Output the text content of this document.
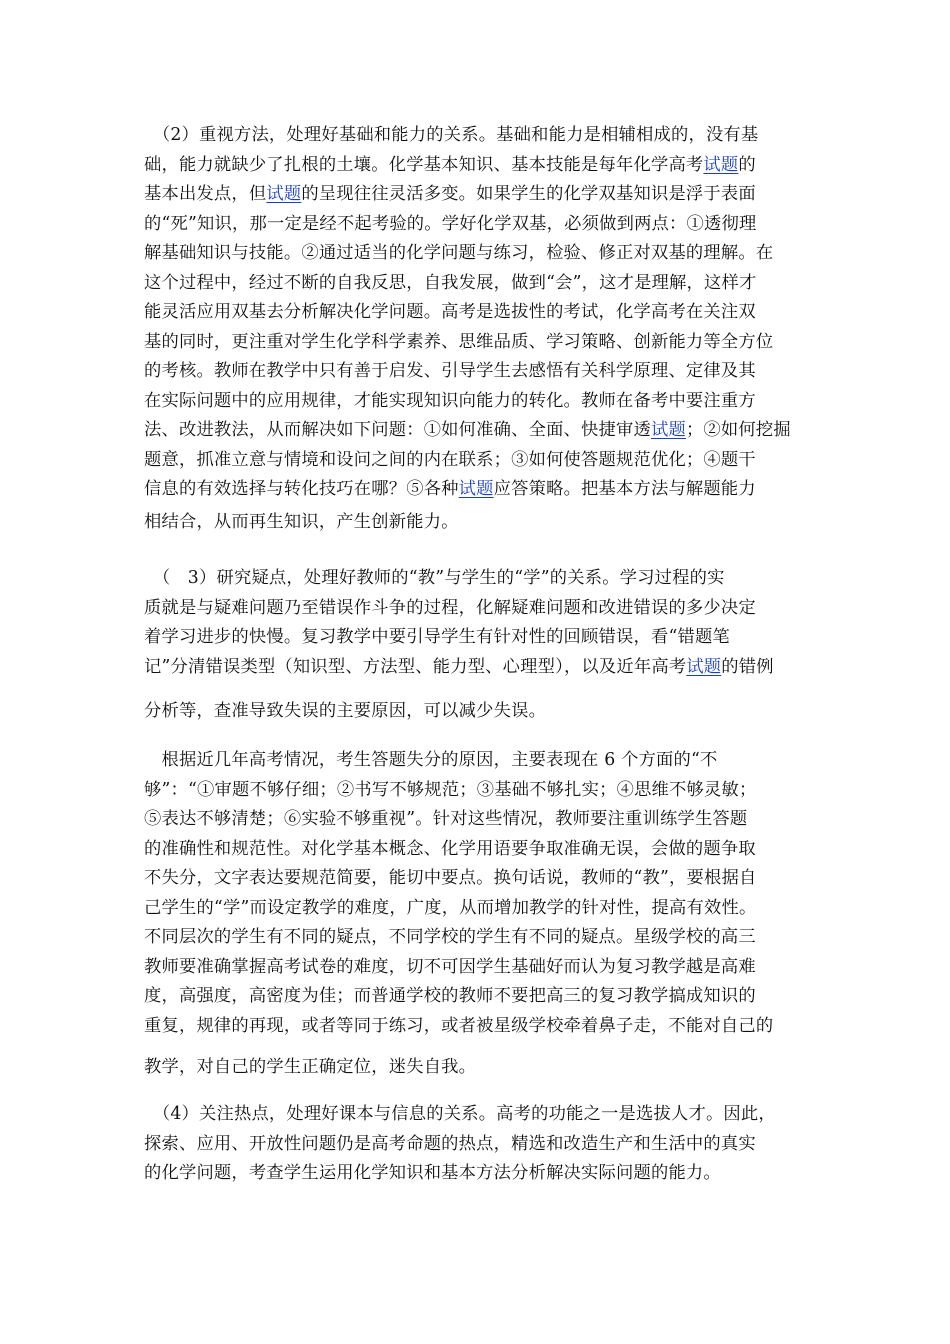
　（2）重视方法，处理好基础和能力的关系。基础和能力是相辅相成的，没有基
础，能力就缺少了扎根的土壤。化学基本知识、基本技能是每年化学高考试题的
基本出发点，但试题的呈现往往灵活多变。如果学生的化学双基知识是浮于表面
的“死”知识，那一定是经不起考验的。学好化学双基，必须做到两点：①透彻理
解基础知识与技能。②通过适当的化学问题与练习，检验、修正对双基的理解。在
这个过程中，经过不断的自我反思，自我发展，做到“会”，这才是理解，这样才
能灵活应用双基去分析解决化学问题。高考是选拔性的考试，化学高考在关注双
基的同时，更注重对学生化学科学素养、思维品质、学习策略、创新能力等全方位
的考核。教师在教学中只有善于启发、引导学生去感悟有关科学原理、定律及其
在实际问题中的应用规律，才能实现知识向能力的转化。教师在备考中要注重方
法、改进教法，从而解决如下问题：①如何准确、全面、快捷审透试题；②如何挖掘
题意，抓准立意与情境和设问之间的内在联系；③如何使答题规范优化；④题干
信息的有效选择与转化技巧在哪？⑤各种试题应答策略。把基本方法与解题能力
相结合，从而再生知识，产生创新能力。
　（　3）研究疑点，处理好教师的“教”与学生的“学”的关系。学习过程的实
质就是与疑难问题乃至错误作斗争的过程，化解疑难问题和改进错误的多少决定
着学习进步的快慢。复习教学中要引导学生有针对性的回顾错误，看“错题笔
记”分清错误类型（知识型、方法型、能力型、心理型），以及近年高考试题的错例
分析等，查准导致失误的主要原因，可以减少失误。
　根据近几年高考情况，考生答题失分的原因，主要表现在 6 个方面的“不
够”：“①审题不够仔细；②书写不够规范；③基础不够扎实；④思维不够灵敏；
⑤表达不够清楚；⑥实验不够重视”。针对这些情况，教师要注重训练学生答题
的准确性和规范性。对化学基本概念、化学用语要争取准确无误，会做的题争取
不失分，文字表达要规范简要，能切中要点。换句话说，教师的“教”，要根据自
己学生的“学”而设定教学的难度，广度，从而增加教学的针对性，提高有效性。
不同层次的学生有不同的疑点，不同学校的学生有不同的疑点。星级学校的高三
教师要准确掌握高考试卷的难度，切不可因学生基础好而认为复习教学越是高难
度，高强度，高密度为佳；而普通学校的教师不要把高三的复习教学搞成知识的
重复，规律的再现，或者等同于练习，或者被星级学校牵着鼻子走，不能对自己的
教学，对自己的学生正确定位，迷失自我。
　（4）关注热点，处理好课本与信息的关系。高考的功能之一是选拔人才。因此，
探索、应用、开放性问题仍是高考命题的热点，精选和改造生产和生活中的真实
的化学问题，考查学生运用化学知识和基本方法分析解决实际问题的能力。
